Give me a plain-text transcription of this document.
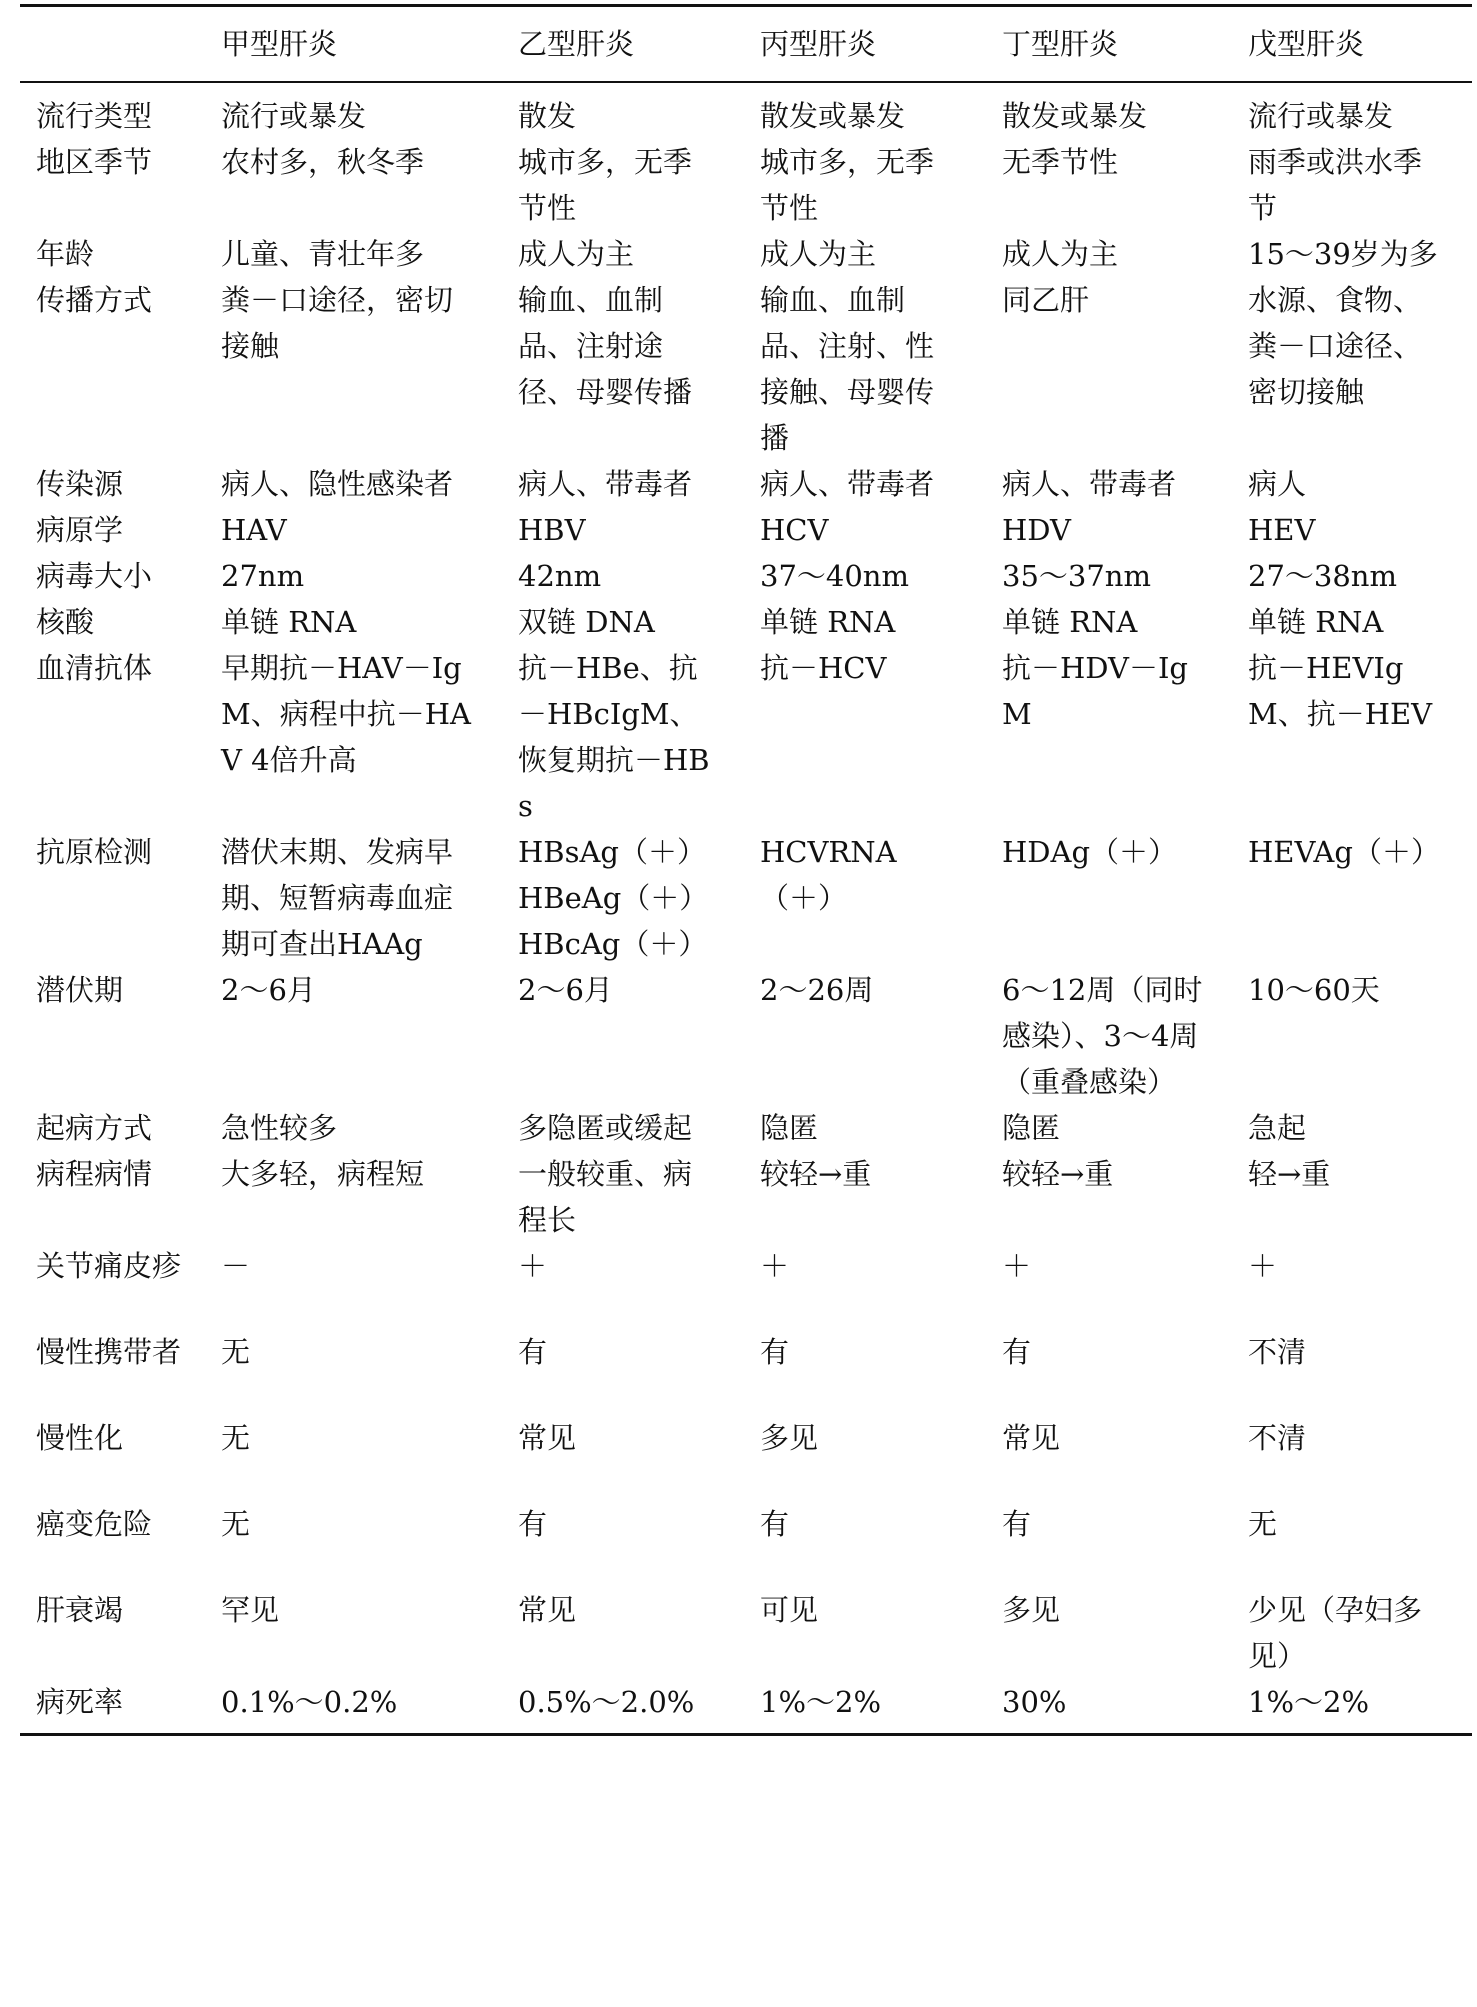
	甲型肝炎	乙型肝炎	丙型肝炎	丁型肝炎	戊型肝炎
流行类型	流行或暴发	散发	散发或暴发	散发或暴发	流行或暴发
地区季节	农村多，秋冬季	城市多，无季节性	城市多，无季节性	无季节性	雨季或洪水季节
年龄	儿童、青壮年多	成人为主	成人为主	成人为主	15～39岁为多
传播方式	粪－口途径，密切接触	输血、血制品、注射途径、母婴传播	输血、血制品、注射、性接触、母婴传播	同乙肝	水源、食物、粪－口途径、密切接触
传染源	病人、隐性感染者	病人、带毒者	病人、带毒者	病人、带毒者	病人
病原学	HAV	HBV	HCV	HDV	HEV
病毒大小	27nm	42nm	37～40nm	35～37nm	27～38nm
核酸	单链 RNA	双链 DNA	单链 RNA	单链 RNA	单链 RNA
血清抗体	早期抗－HAV－IgM、病程中抗－HAV 4倍升高	抗－HBe、抗－HBcIgM、恢复期抗－HBs	抗－HCV	抗－HDV－IgM	抗－HEVIgM、抗－HEV
抗原检测	潜伏末期、发病早期、短暂病毒血症期可查出HAAg	HBsAg（＋）HBeAg（＋）HBcAg（＋）	HCVRNA（＋）	HDAg（＋）	HEVAg（＋）
潜伏期	2～6月	2～6月	2～26周	6～12周（同时感染）、3～4周（重叠感染）	10～60天
起病方式	急性较多	多隐匿或缓起	隐匿	隐匿	急起
病程病情	大多轻，病程短	一般较重、病程长	较轻→重	较轻→重	轻→重
关节痛皮疹	－	＋	＋	＋	＋
慢性携带者	无	有	有	有	不清
慢性化	无	常见	多见	常见	不清
癌变危险	无	有	有	有	无
肝衰竭	罕见	常见	可见	多见	少见（孕妇多见）
病死率	0.1%～0.2%	0.5%～2.0%	1%～2%	30%	1%～2%
